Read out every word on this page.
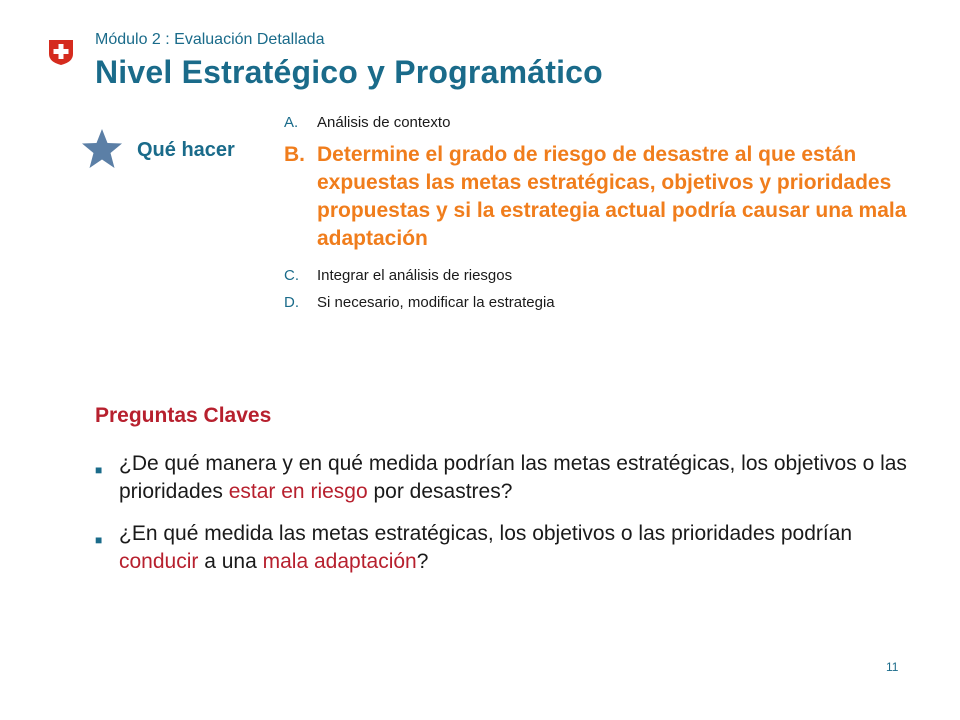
Módulo 2 : Evaluación Detallada
Nivel Estratégico y Programático
Qué hacer
A.	Análisis de contexto
B. Determine el grado de riesgo de desastre al que están expuestas las metas estratégicas, objetivos y prioridades propuestas y si la estrategia actual podría causar una mala adaptación
C.	Integrar el análisis de riesgos
D.	Si necesario, modificar la estrategia
Preguntas Claves
■ ¿De qué manera y en qué medida podrían las metas estratégicas, los objetivos o las prioridades estar en riesgo por desastres?
■ ¿En qué medida las metas estratégicas, los objetivos o las prioridades podrían conducir a una mala adaptación?
11
